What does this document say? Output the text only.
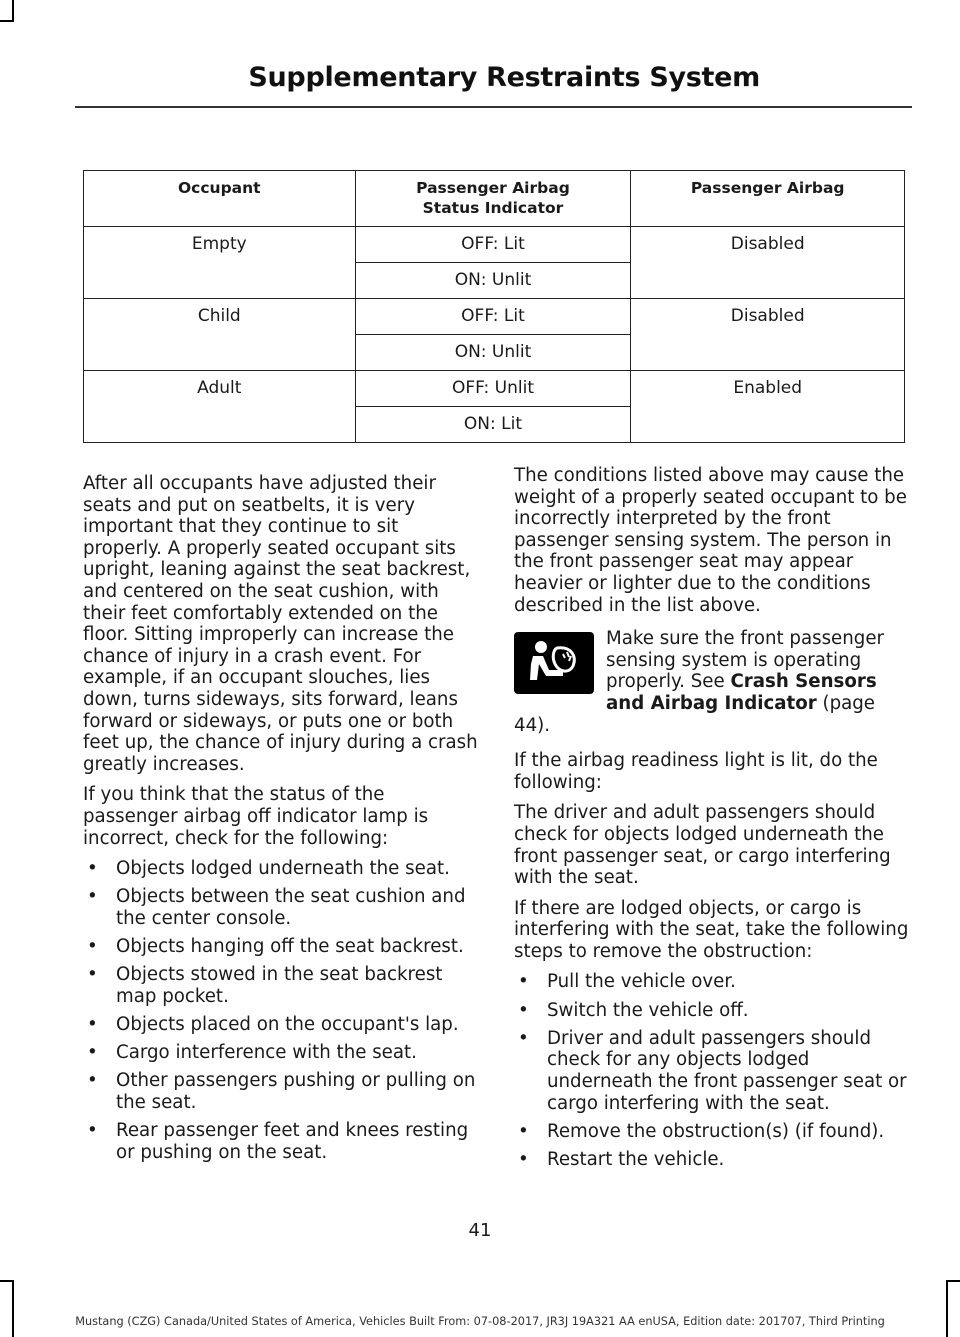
Supplementary Restraints System
Occupant	Passenger Airbag Status Indicator	Passenger Airbag
Empty	OFF: Lit	Disabled
	ON: Unlit	
Child	OFF: Lit	Disabled
	ON: Unlit	
Adult	OFF: Unlit	Enabled
	ON: Lit	

After all occupants have adjusted their seats and put on seatbelts, it is very important that they continue to sit properly. A properly seated occupant sits upright, leaning against the seat backrest, and centered on the seat cushion, with their feet comfortably extended on the floor. Sitting improperly can increase the chance of injury in a crash event. For example, if an occupant slouches, lies down, turns sideways, sits forward, leans forward or sideways, or puts one or both feet up, the chance of injury during a crash greatly increases.

If you think that the status of the passenger airbag off indicator lamp is incorrect, check for the following:

• Objects lodged underneath the seat.
• Objects between the seat cushion and the center console.
• Objects hanging off the seat backrest.
• Objects stowed in the seat backrest map pocket.
• Objects placed on the occupant's lap.
• Cargo interference with the seat.
• Other passengers pushing or pulling on the seat.
• Rear passenger feet and knees resting or pushing on the seat.

The conditions listed above may cause the weight of a properly seated occupant to be incorrectly interpreted by the front passenger sensing system. The person in the front passenger seat may appear heavier or lighter due to the conditions described in the list above.

Make sure the front passenger sensing system is operating properly. See Crash Sensors and Airbag Indicator (page 44).

If the airbag readiness light is lit, do the following:

The driver and adult passengers should check for objects lodged underneath the front passenger seat, or cargo interfering with the seat.

If there are lodged objects, or cargo is interfering with the seat, take the following steps to remove the obstruction:

• Pull the vehicle over.
• Switch the vehicle off.
• Driver and adult passengers should check for any objects lodged underneath the front passenger seat or cargo interfering with the seat.
• Remove the obstruction(s) (if found).
• Restart the vehicle.
41
Mustang (CZG) Canada/United States of America, Vehicles Built From: 07-08-2017, JR3J 19A321 AA enUSA, Edition date: 201707, Third Printing
